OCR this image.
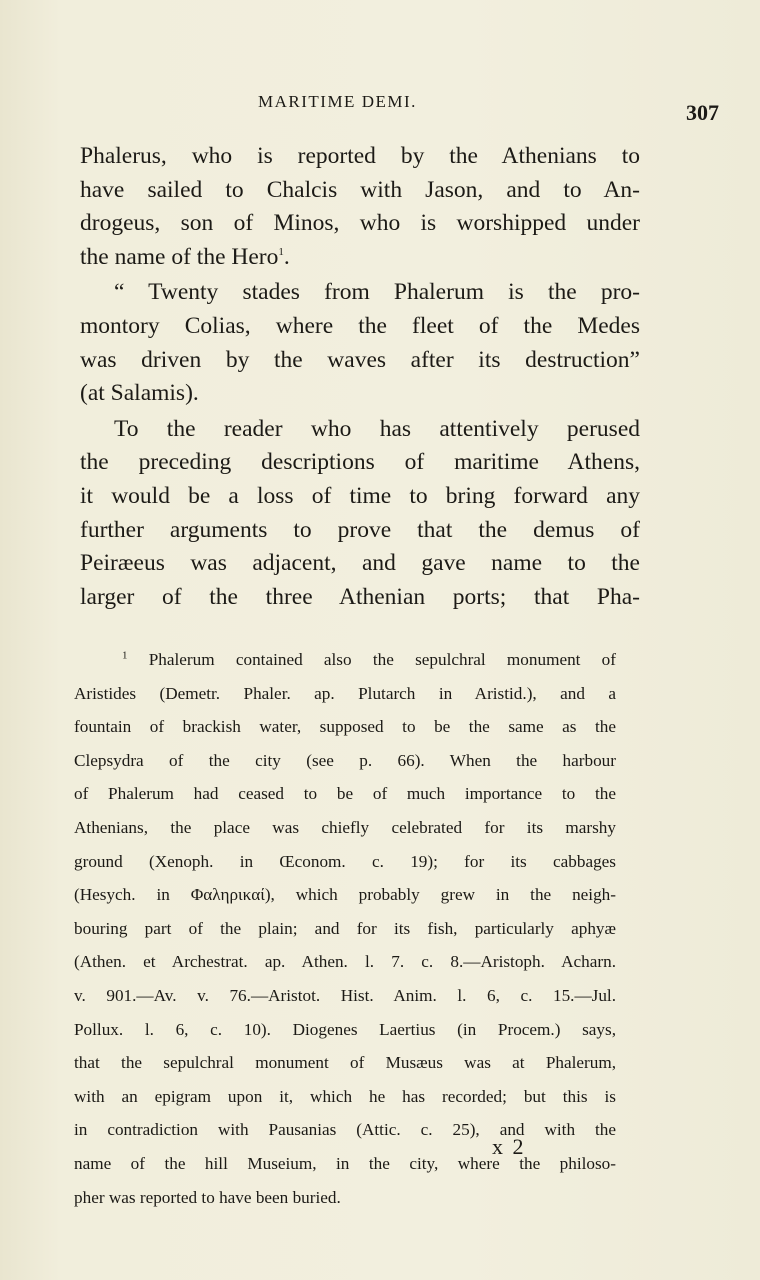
MARITIME DEMI.	307
Phalerus, who is reported by the Athenians to
have sailed to Chalcis with Jason, and to An-
drogeus, son of Minos, who is worshipped under
the name of the Hero$^1$.
“ Twenty stades from Phalerum is the pro-
montory Colias, where the fleet of the Medes
was driven by the waves after its destruction”
(at Salamis).
To the reader who has attentively perused
the preceding descriptions of maritime Athens,
it would be a loss of time to bring forward any
further arguments to prove that the demus of
Peiræeus was adjacent, and gave name to the
larger of the three Athenian ports; that Pha-
$^1$ Phalerum contained also the sepulchral monument of
Aristides (Demetr. Phaler. ap. Plutarch in Aristid.), and a
fountain of brackish water, supposed to be the same as the
Clepsydra of the city (see p. 66). When the harbour
of Phalerum had ceased to be of much importance to the
Athenians, the place was chiefly celebrated for its marshy
ground (Xenoph. in Œconom. c. 19); for its cabbages
(Hesych. in Φαληρικαί), which probably grew in the neigh-
bouring part of the plain; and for its fish, particularly aphyæ
(Athen. et Archestrat. ap. Athen. l. 7. c. 8.—Aristoph. Acharn.
v. 901.—Av. v. 76.—Aristot. Hist. Anim. l. 6, c. 15.—Jul.
Pollux. l. 6, c. 10). Diogenes Laertius (in Procem.) says,
that the sepulchral monument of Musæus was at Phalerum,
with an epigram upon it, which he has recorded; but this is
in contradiction with Pausanias (Attic. c. 25), and with the
name of the hill Museium, in the city, where the philoso-
pher was reported to have been buried.
x 2
